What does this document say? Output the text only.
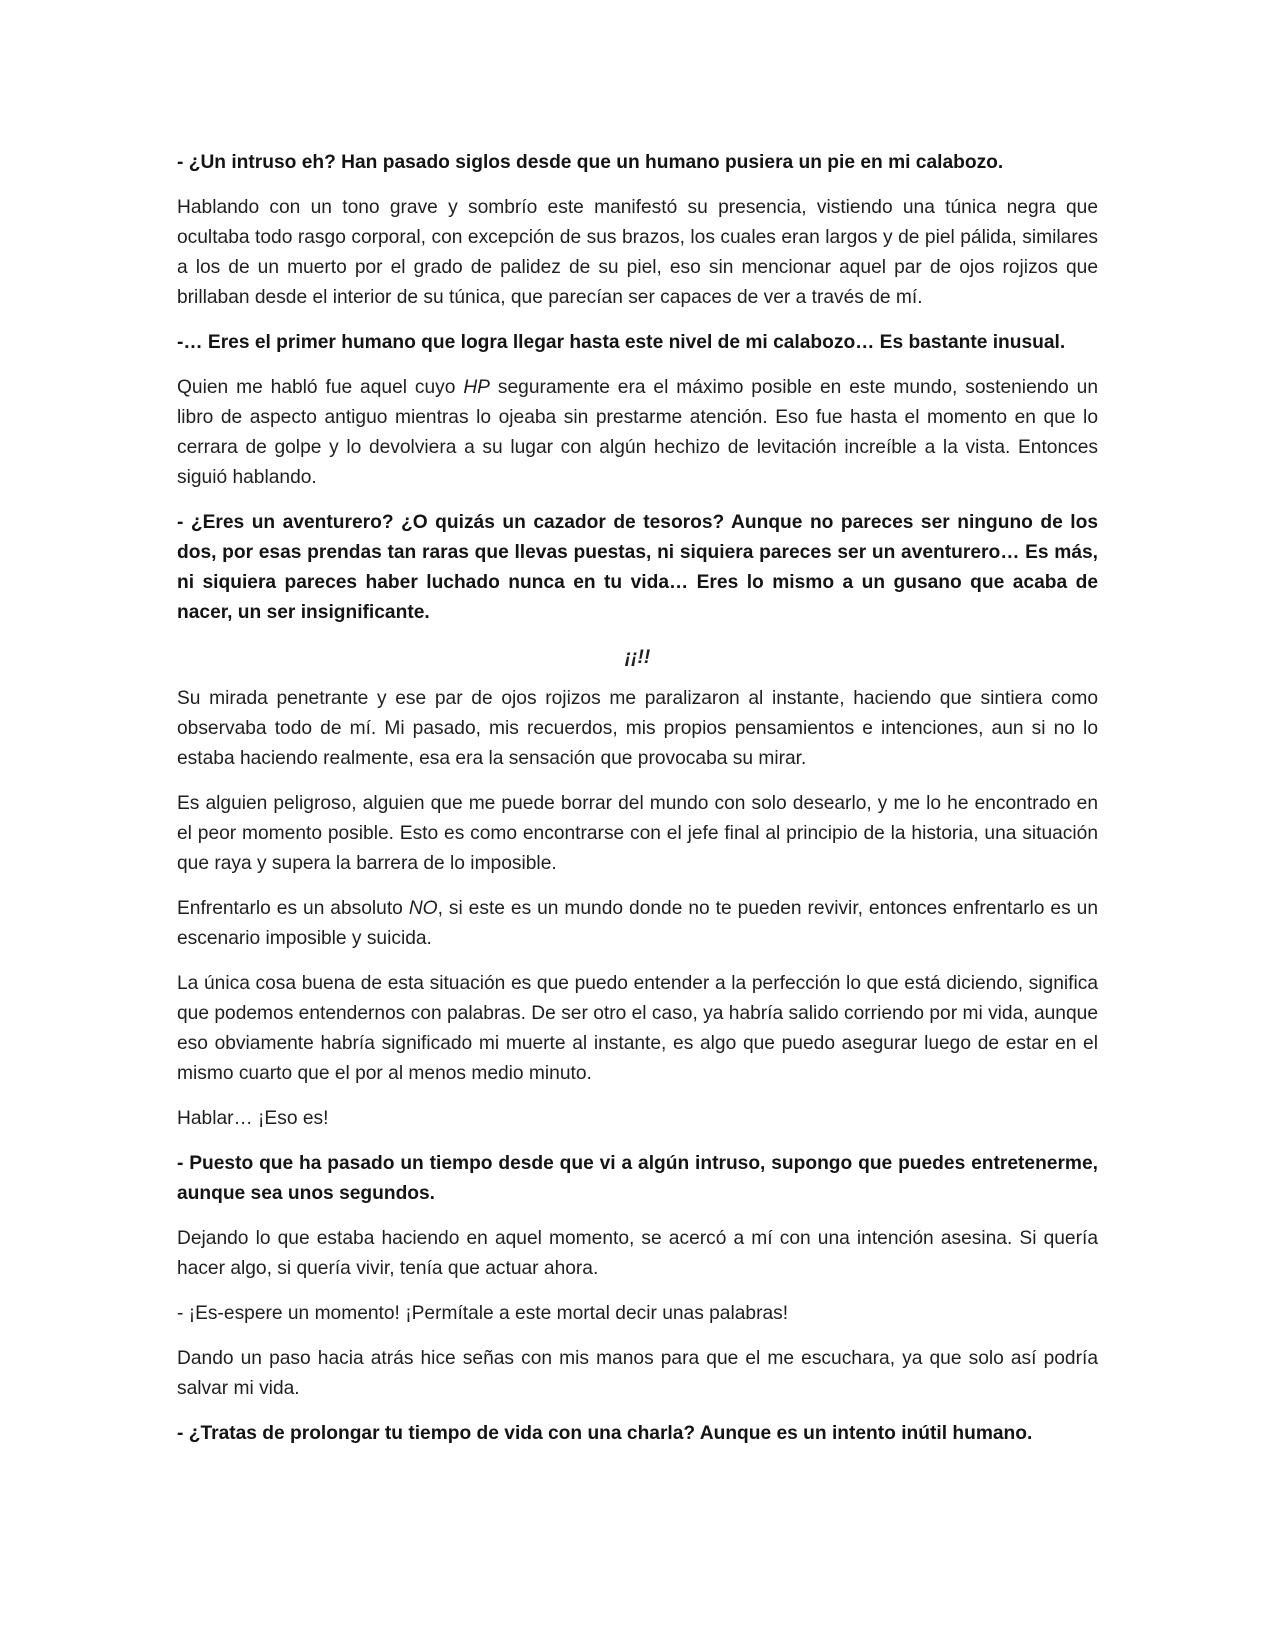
- ¿Un intruso eh? Han pasado siglos desde que un humano pusiera un pie en mi calabozo.

Hablando con un tono grave y sombrío este manifestó su presencia, vistiendo una túnica negra que ocultaba todo rasgo corporal, con excepción de sus brazos, los cuales eran largos y de piel pálida, similares a los de un muerto por el grado de palidez de su piel, eso sin mencionar aquel par de ojos rojizos que brillaban desde el interior de su túnica, que parecían ser capaces de ver a través de mí.

-… Eres el primer humano que logra llegar hasta este nivel de mi calabozo… Es bastante inusual.

Quien me habló fue aquel cuyo HP seguramente era el máximo posible en este mundo, sosteniendo un libro de aspecto antiguo mientras lo ojeaba sin prestarme atención. Eso fue hasta el momento en que lo cerrara de golpe y lo devolviera a su lugar con algún hechizo de levitación increíble a la vista. Entonces siguió hablando.

- ¿Eres un aventurero? ¿O quizás un cazador de tesoros? Aunque no pareces ser ninguno de los dos, por esas prendas tan raras que llevas puestas, ni siquiera pareces ser un aventurero… Es más, ni siquiera pareces haber luchado nunca en tu vida… Eres lo mismo a un gusano que acaba de nacer, un ser insignificante.

¡¡!!

Su mirada penetrante y ese par de ojos rojizos me paralizaron al instante, haciendo que sintiera como observaba todo de mí. Mi pasado, mis recuerdos, mis propios pensamientos e intenciones, aun si no lo estaba haciendo realmente, esa era la sensación que provocaba su mirar.

Es alguien peligroso, alguien que me puede borrar del mundo con solo desearlo, y me lo he encontrado en el peor momento posible. Esto es como encontrarse con el jefe final al principio de la historia, una situación que raya y supera la barrera de lo imposible.

Enfrentarlo es un absoluto NO, si este es un mundo donde no te pueden revivir, entonces enfrentarlo es un escenario imposible y suicida.

La única cosa buena de esta situación es que puedo entender a la perfección lo que está diciendo, significa que podemos entendernos con palabras. De ser otro el caso, ya habría salido corriendo por mi vida, aunque eso obviamente habría significado mi muerte al instante, es algo que puedo asegurar luego de estar en el mismo cuarto que el por al menos medio minuto.

Hablar… ¡Eso es!

- Puesto que ha pasado un tiempo desde que vi a algún intruso, supongo que puedes entretenerme, aunque sea unos segundos.

Dejando lo que estaba haciendo en aquel momento, se acercó a mí con una intención asesina. Si quería hacer algo, si quería vivir, tenía que actuar ahora.

- ¡Es-espere un momento! ¡Permítale a este mortal decir unas palabras!

Dando un paso hacia atrás hice señas con mis manos para que el me escuchara, ya que solo así podría salvar mi vida.

- ¿Tratas de prolongar tu tiempo de vida con una charla? Aunque es un intento inútil humano.
